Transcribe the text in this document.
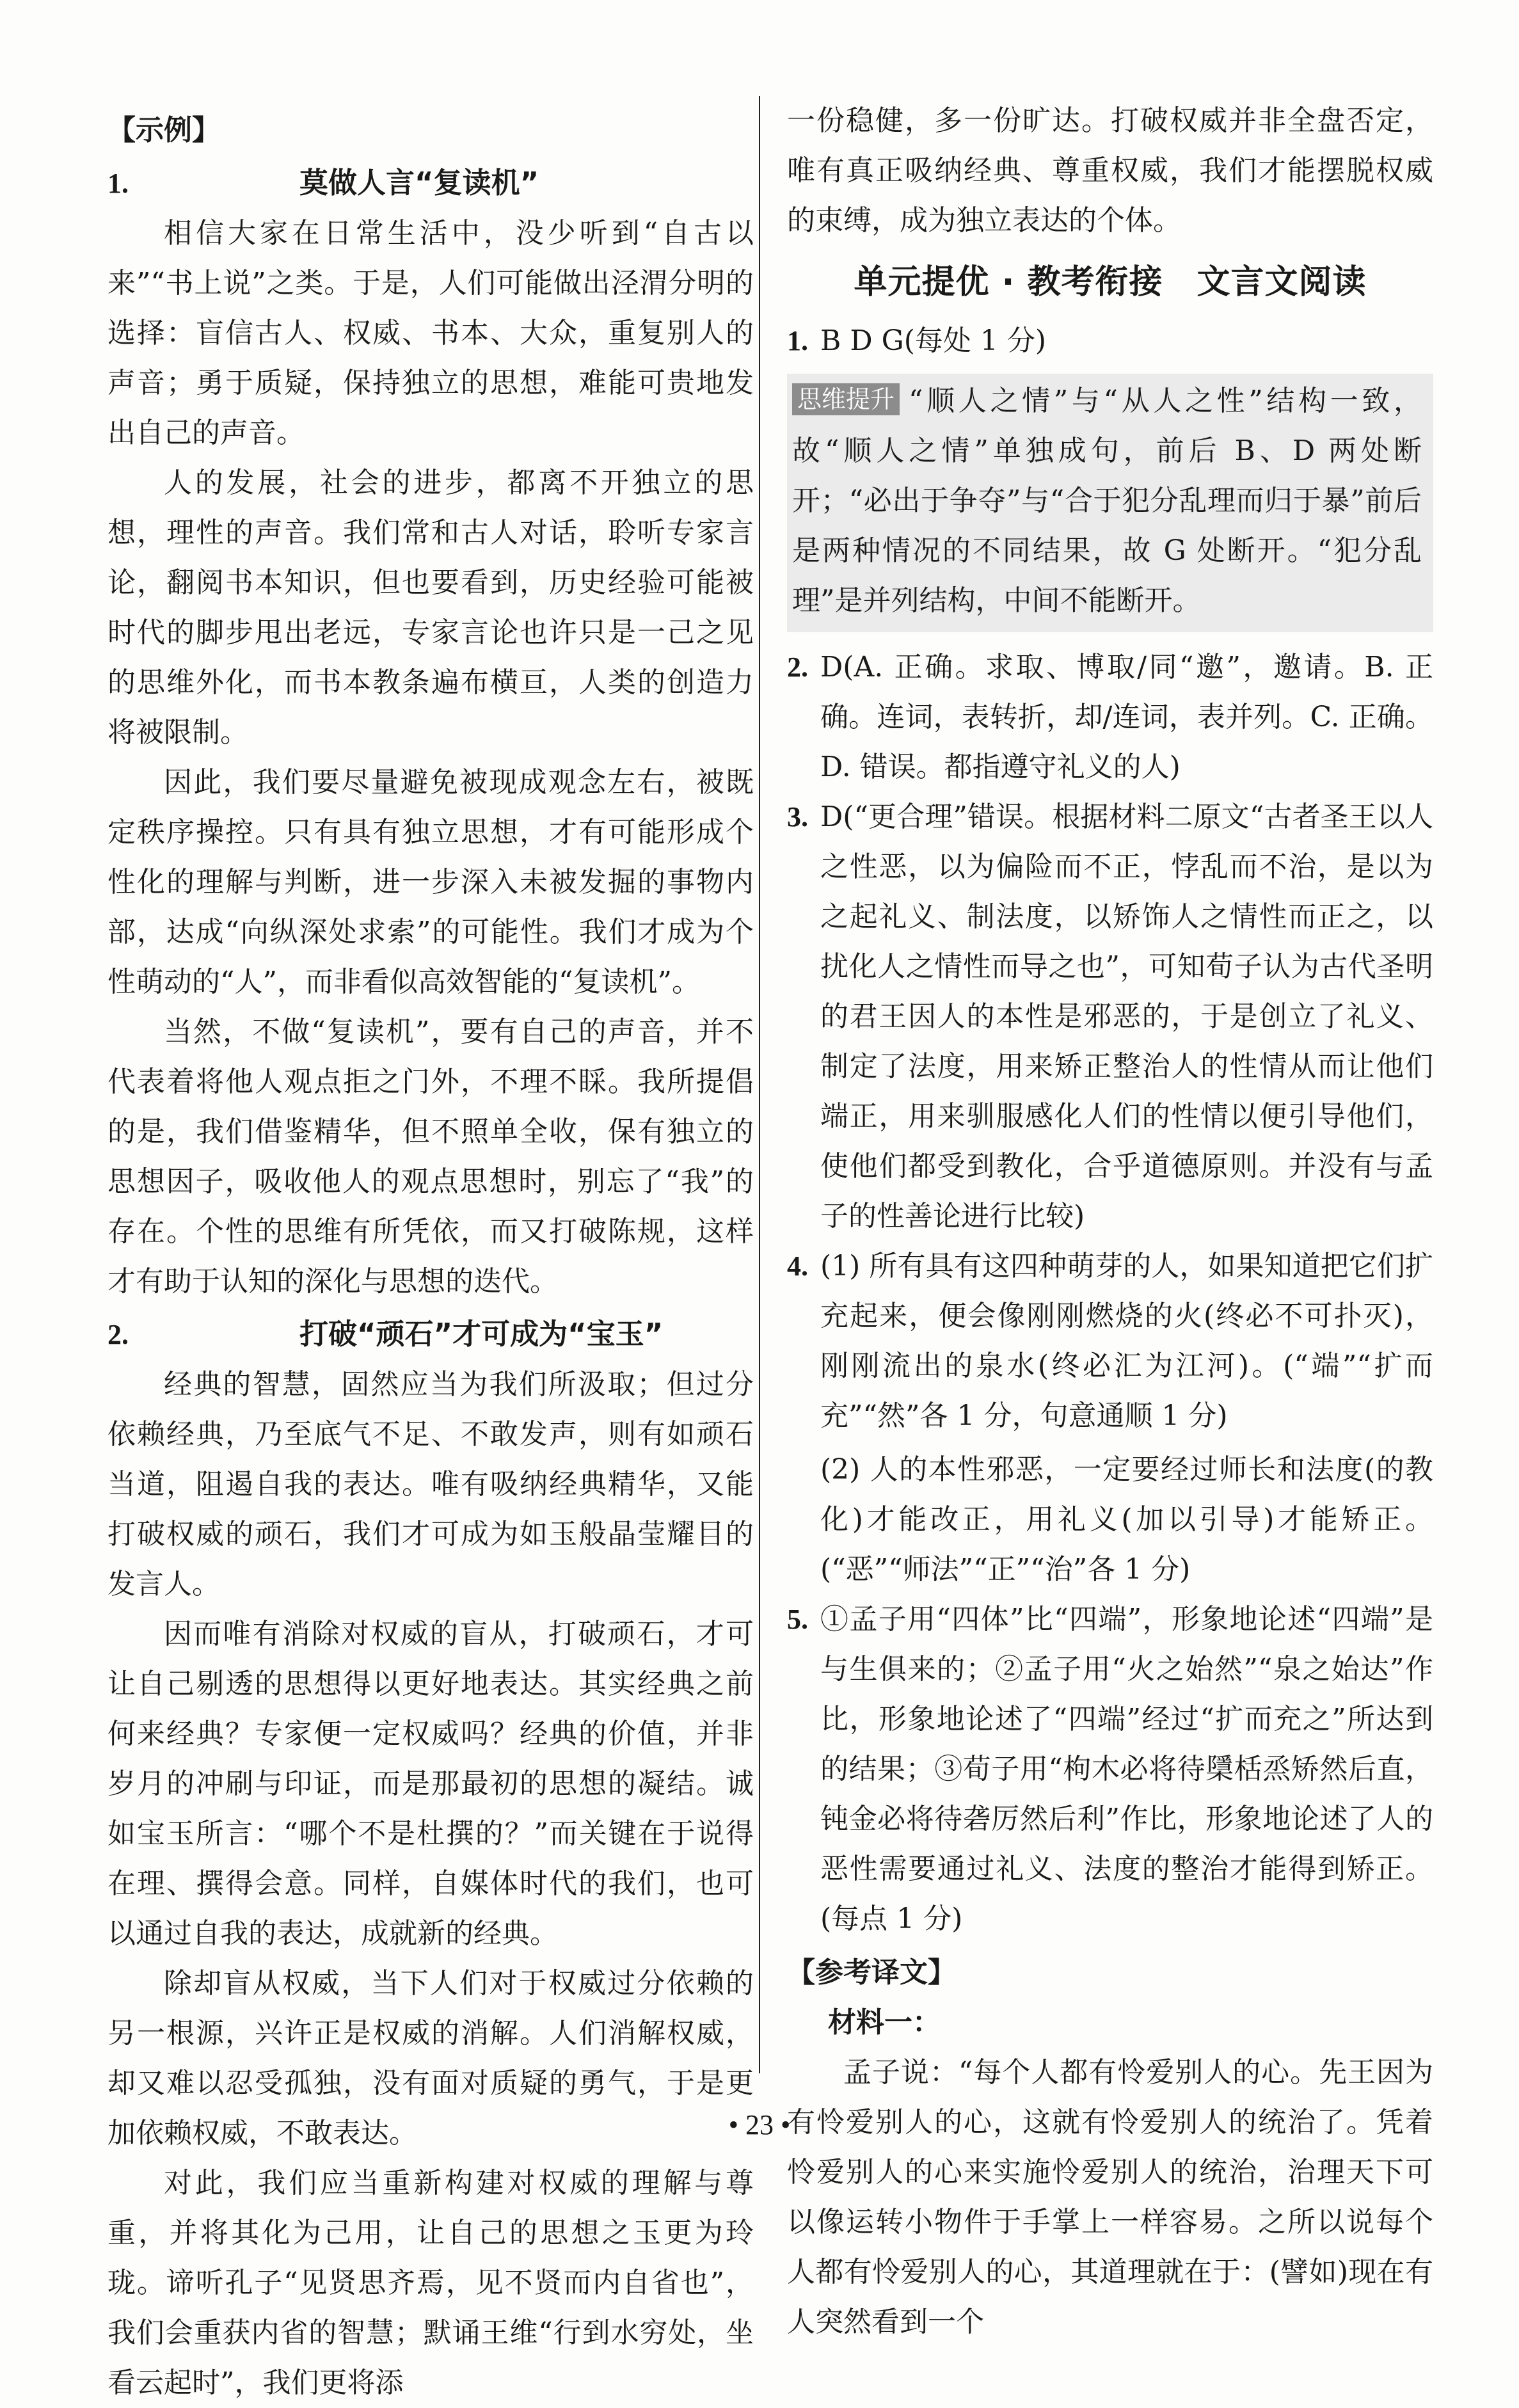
【示例】
1.	莫做人言“复读机”

相信大家在日常生活中，没少听到“自古以来”“书上说”之类。于是，人们可能做出泾渭分明的选择：盲信古人、权威、书本、大众，重复别人的声音；勇于质疑，保持独立的思想，难能可贵地发出自己的声音。

人的发展，社会的进步，都离不开独立的思想，理性的声音。我们常和古人对话，聆听专家言论，翻阅书本知识，但也要看到，历史经验可能被时代的脚步甩出老远，专家言论也许只是一己之见的思维外化，而书本教条遍布横亘，人类的创造力将被限制。

因此，我们要尽量避免被现成观念左右，被既定秩序操控。只有具有独立思想，才有可能形成个性化的理解与判断，进一步深入未被发掘的事物内部，达成“向纵深处求索”的可能性。我们才成为个性萌动的“人”，而非看似高效智能的“复读机”。

当然，不做“复读机”，要有自己的声音，并不代表着将他人观点拒之门外，不理不睬。我所提倡的是，我们借鉴精华，但不照单全收，保有独立的思想因子，吸收他人的观点思想时，别忘了“我”的存在。个性的思维有所凭依，而又打破陈规，这样才有助于认知的深化与思想的迭代。

2.	打破“顽石”才可成为“宝玉”

经典的智慧，固然应当为我们所汲取；但过分依赖经典，乃至底气不足、不敢发声，则有如顽石当道，阻遏自我的表达。唯有吸纳经典精华，又能打破权威的顽石，我们才可成为如玉般晶莹耀目的发言人。

因而唯有消除对权威的盲从，打破顽石，才可让自己剔透的思想得以更好地表达。其实经典之前何来经典？专家便一定权威吗？经典的价值，并非岁月的冲刷与印证，而是那最初的思想的凝结。诚如宝玉所言：“哪个不是杜撰的？”而关键在于说得在理、撰得会意。同样，自媒体时代的我们，也可以通过自我的表达，成就新的经典。

除却盲从权威，当下人们对于权威过分依赖的另一根源，兴许正是权威的消解。人们消解权威，却又难以忍受孤独，没有面对质疑的勇气，于是更加依赖权威，不敢表达。

对此，我们应当重新构建对权威的理解与尊重，并将其化为己用，让自己的思想之玉更为玲珑。谛听孔子“见贤思齐焉，见不贤而内自省也”，我们会重获内省的智慧；默诵王维“行到水穷处，坐看云起时”，我们更将添

一份稳健，多一份旷达。打破权威并非全盘否定，唯有真正吸纳经典、尊重权威，我们才能摆脱权威的束缚，成为独立表达的个体。

单元提优 · 教考衔接　文言文阅读
1. B D G(每处 1 分)

思维提升 “顺人之情”与“从人之性”结构一致，故“顺人之情”单独成句，前后 B、D 两处断开；“必出于争夺”与“合于犯分乱理而归于暴”前后是两种情况的不同结果，故 G 处断开。“犯分乱理”是并列结构，中间不能断开。

2. D(A. 正确。求取、博取/同“邀”，邀请。B. 正确。连词，表转折，却/连词，表并列。C. 正确。D. 错误。都指遵守礼义的人)

3. D(“更合理”错误。根据材料二原文“古者圣王以人之性恶，以为偏险而不正，悖乱而不治，是以为之起礼义、制法度，以矫饰人之情性而正之，以扰化人之情性而导之也”，可知荀子认为古代圣明的君王因人的本性是邪恶的，于是创立了礼义、制定了法度，用来矫正整治人的性情从而让他们端正，用来驯服感化人们的性情以便引导他们，使他们都受到教化，合乎道德原则。并没有与孟子的性善论进行比较)

4. (1) 所有具有这四种萌芽的人，如果知道把它们扩充起来，便会像刚刚燃烧的火(终必不可扑灭)，刚刚流出的泉水(终必汇为江河)。(“端”“扩而充”“然”各 1 分，句意通顺 1 分)

(2) 人的本性邪恶，一定要经过师长和法度(的教化)才能改正，用礼义(加以引导)才能矫正。(“恶”“师法”“正”“治”各 1 分)

5. ①孟子用“四体”比“四端”，形象地论述“四端”是与生俱来的；②孟子用“火之始然”“泉之始达”作比，形象地论述了“四端”经过“扩而充之”所达到的结果；③荀子用“枸木必将待檃栝烝矫然后直，钝金必将待砻厉然后利”作比，形象地论述了人的恶性需要通过礼义、法度的整治才能得到矫正。(每点 1 分)

【参考译文】
材料一：

孟子说：“每个人都有怜爱别人的心。先王因为有怜爱别人的心，这就有怜爱别人的统治了。凭着怜爱别人的心来实施怜爱别人的统治，治理天下可以像运转小物件于手掌上一样容易。之所以说每个人都有怜爱别人的心，其道理就在于：(譬如)现在有人突然看到一个

• 23 •
